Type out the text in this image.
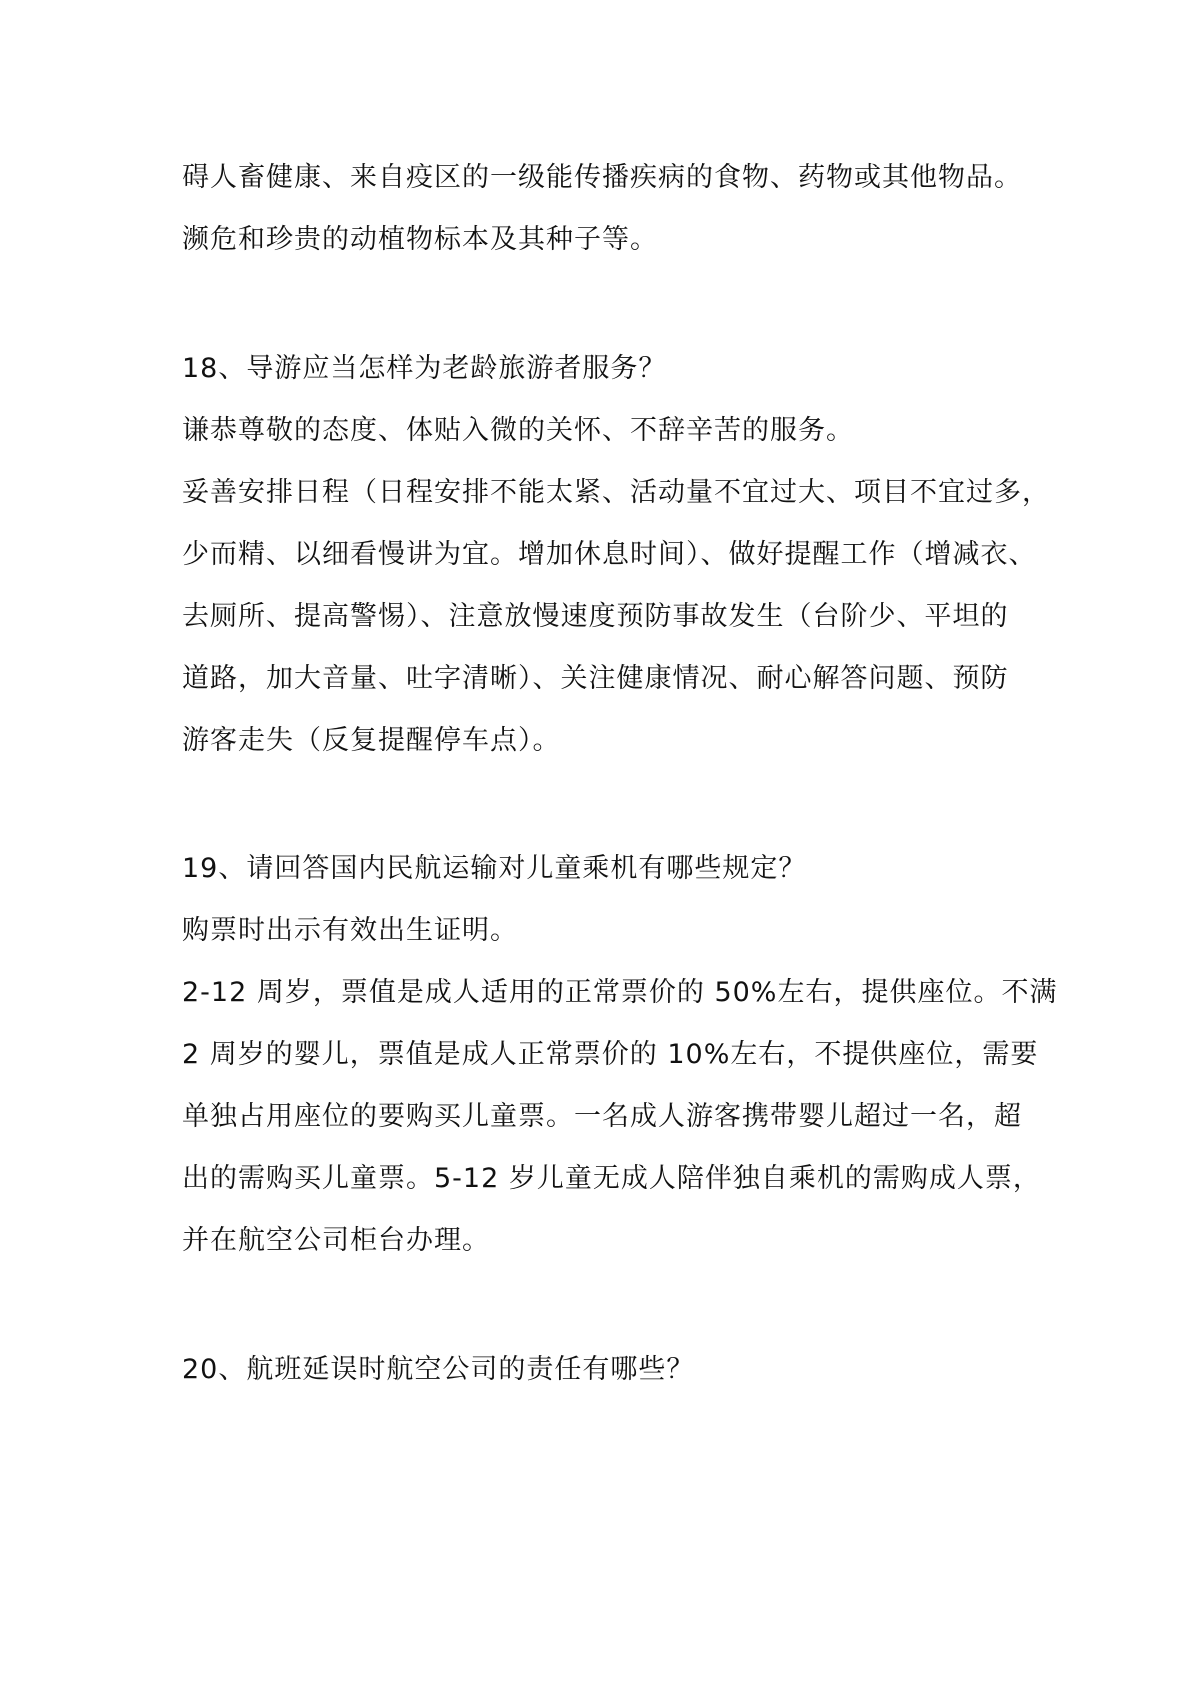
碍人畜健康、来自疫区的一级能传播疾病的食物、药物或其他物品。
濒危和珍贵的动植物标本及其种子等。
18、导游应当怎样为老龄旅游者服务？
谦恭尊敬的态度、体贴入微的关怀、不辞辛苦的服务。
妥善安排日程（日程安排不能太紧、活动量不宜过大、项目不宜过多，
少而精、以细看慢讲为宜。增加休息时间）、做好提醒工作（增减衣、
去厕所、提高警惕）、注意放慢速度预防事故发生（台阶少、平坦的
道路，加大音量、吐字清晰）、关注健康情况、耐心解答问题、预防
游客走失（反复提醒停车点）。
19、请回答国内民航运输对儿童乘机有哪些规定？
购票时出示有效出生证明。
2-12 周岁，票值是成人适用的正常票价的 50%左右，提供座位。不满
2 周岁的婴儿，票值是成人正常票价的 10%左右，不提供座位，需要
单独占用座位的要购买儿童票。一名成人游客携带婴儿超过一名，超
出的需购买儿童票。5-12 岁儿童无成人陪伴独自乘机的需购成人票，
并在航空公司柜台办理。
20、航班延误时航空公司的责任有哪些？
